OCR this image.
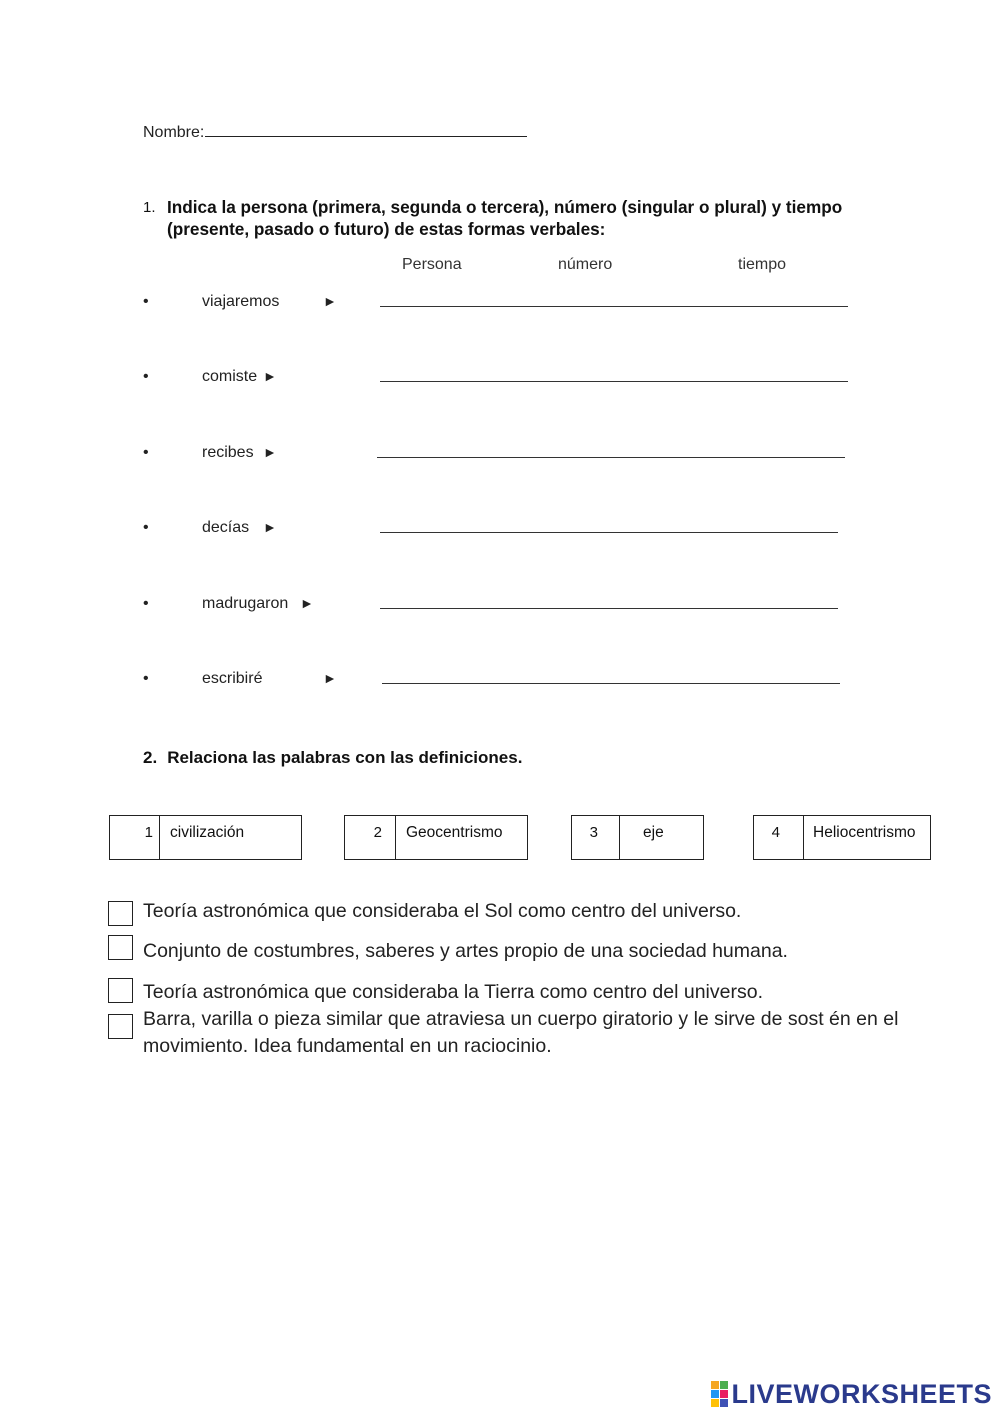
Nombre:
1. Indica la persona (primera, segunda o tercera), número (singular o plural) y tiempo (presente, pasado o futuro) de estas formas verbales:
Persona	número	tiempo
•	viajaremos	►
•	comiste ►
•	recibes ►
•	decías ►
•	madrugaron ►
•	escribiré	►
2. Relaciona las palabras con las definiciones.
1	civilización	2	Geocentrismo	3	eje	4	Heliocentrismo
Teoría astronómica que consideraba el Sol como centro del universo.
Conjunto de costumbres, saberes y artes propio de una sociedad humana.
Teoría astronómica que consideraba la Tierra como centro del universo.
Barra, varilla o pieza similar que atraviesa un cuerpo giratorio y le sirve de sost én en el movimiento. Idea fundamental en un raciocinio.
LIVEWORKSHEETS
